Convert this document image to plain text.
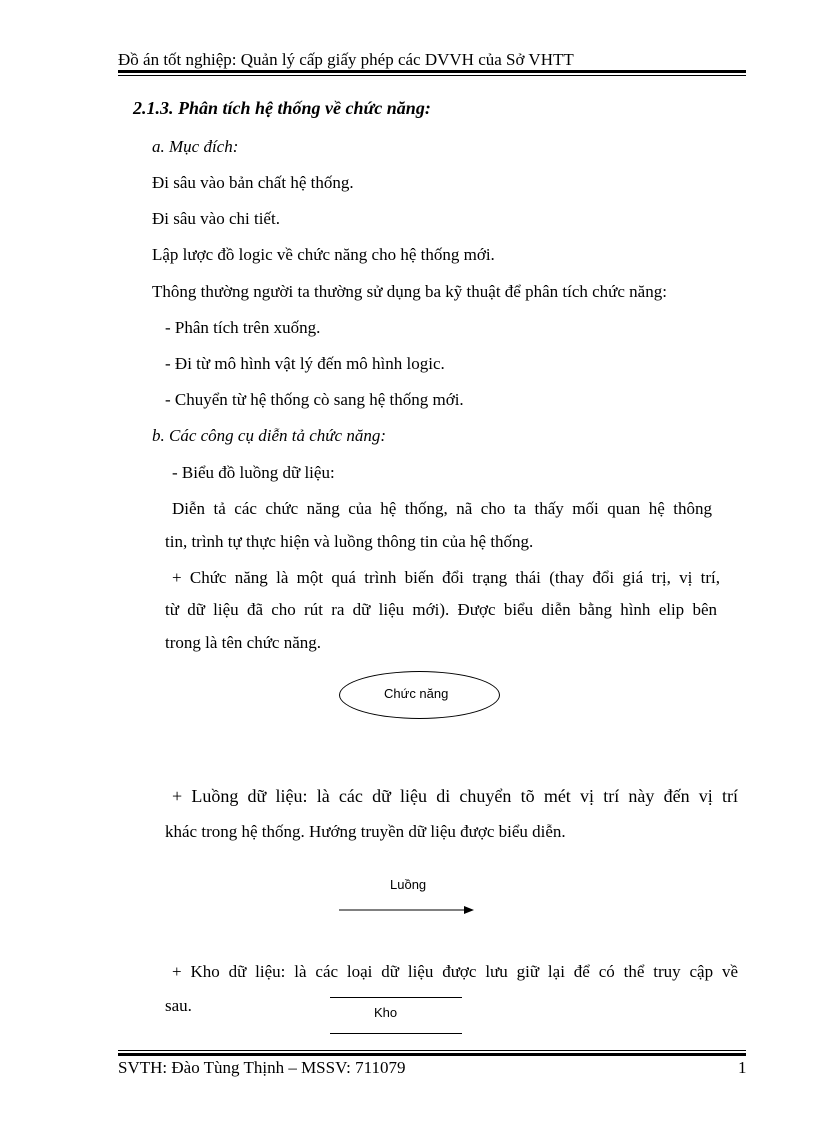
Đồ án tốt nghiệp: Quản lý cấp giấy phép các DVVH của Sở VHTT
2.1.3. Phân tích hệ thống về chức năng:
a. Mục đích:
Đi sâu vào bản chất hệ thống.
Đi sâu vào chi tiết.
Lập lược đồ logic về chức năng cho hệ thống mới.
Thông thường người ta thường sử dụng ba kỹ thuật để phân tích chức năng:
- Phân tích trên xuống.
- Đi từ mô hình vật lý đến mô hình logic.
- Chuyển từ hệ thống cò sang hệ thống mới.
b. Các công cụ diễn tả chức năng:
- Biểu đồ luồng dữ liệu:
Diễn tả các chức năng của hệ thống, nã cho ta thấy mối quan hệ thông
tin, trình tự thực hiện và luồng thông tin của hệ thống.
+ Chức năng là một quá trình biến đổi trạng thái (thay đổi giá trị, vị trí,
từ dữ liệu đã cho rút ra dữ liệu mới). Được biểu diễn bằng hình elip bên
trong là tên chức năng.
Chức năng
+ Luồng dữ liệu: là các dữ liệu di chuyển tõ mét vị trí này đến vị trí
khác trong hệ thống. Hướng truyền dữ liệu được biểu diễn.
Luồng
+ Kho dữ liệu: là các loại dữ liệu được lưu giữ lại để có thể truy cập về
sau.	Kho
SVTH: Đào Tùng Thịnh – MSSV: 711079	1
